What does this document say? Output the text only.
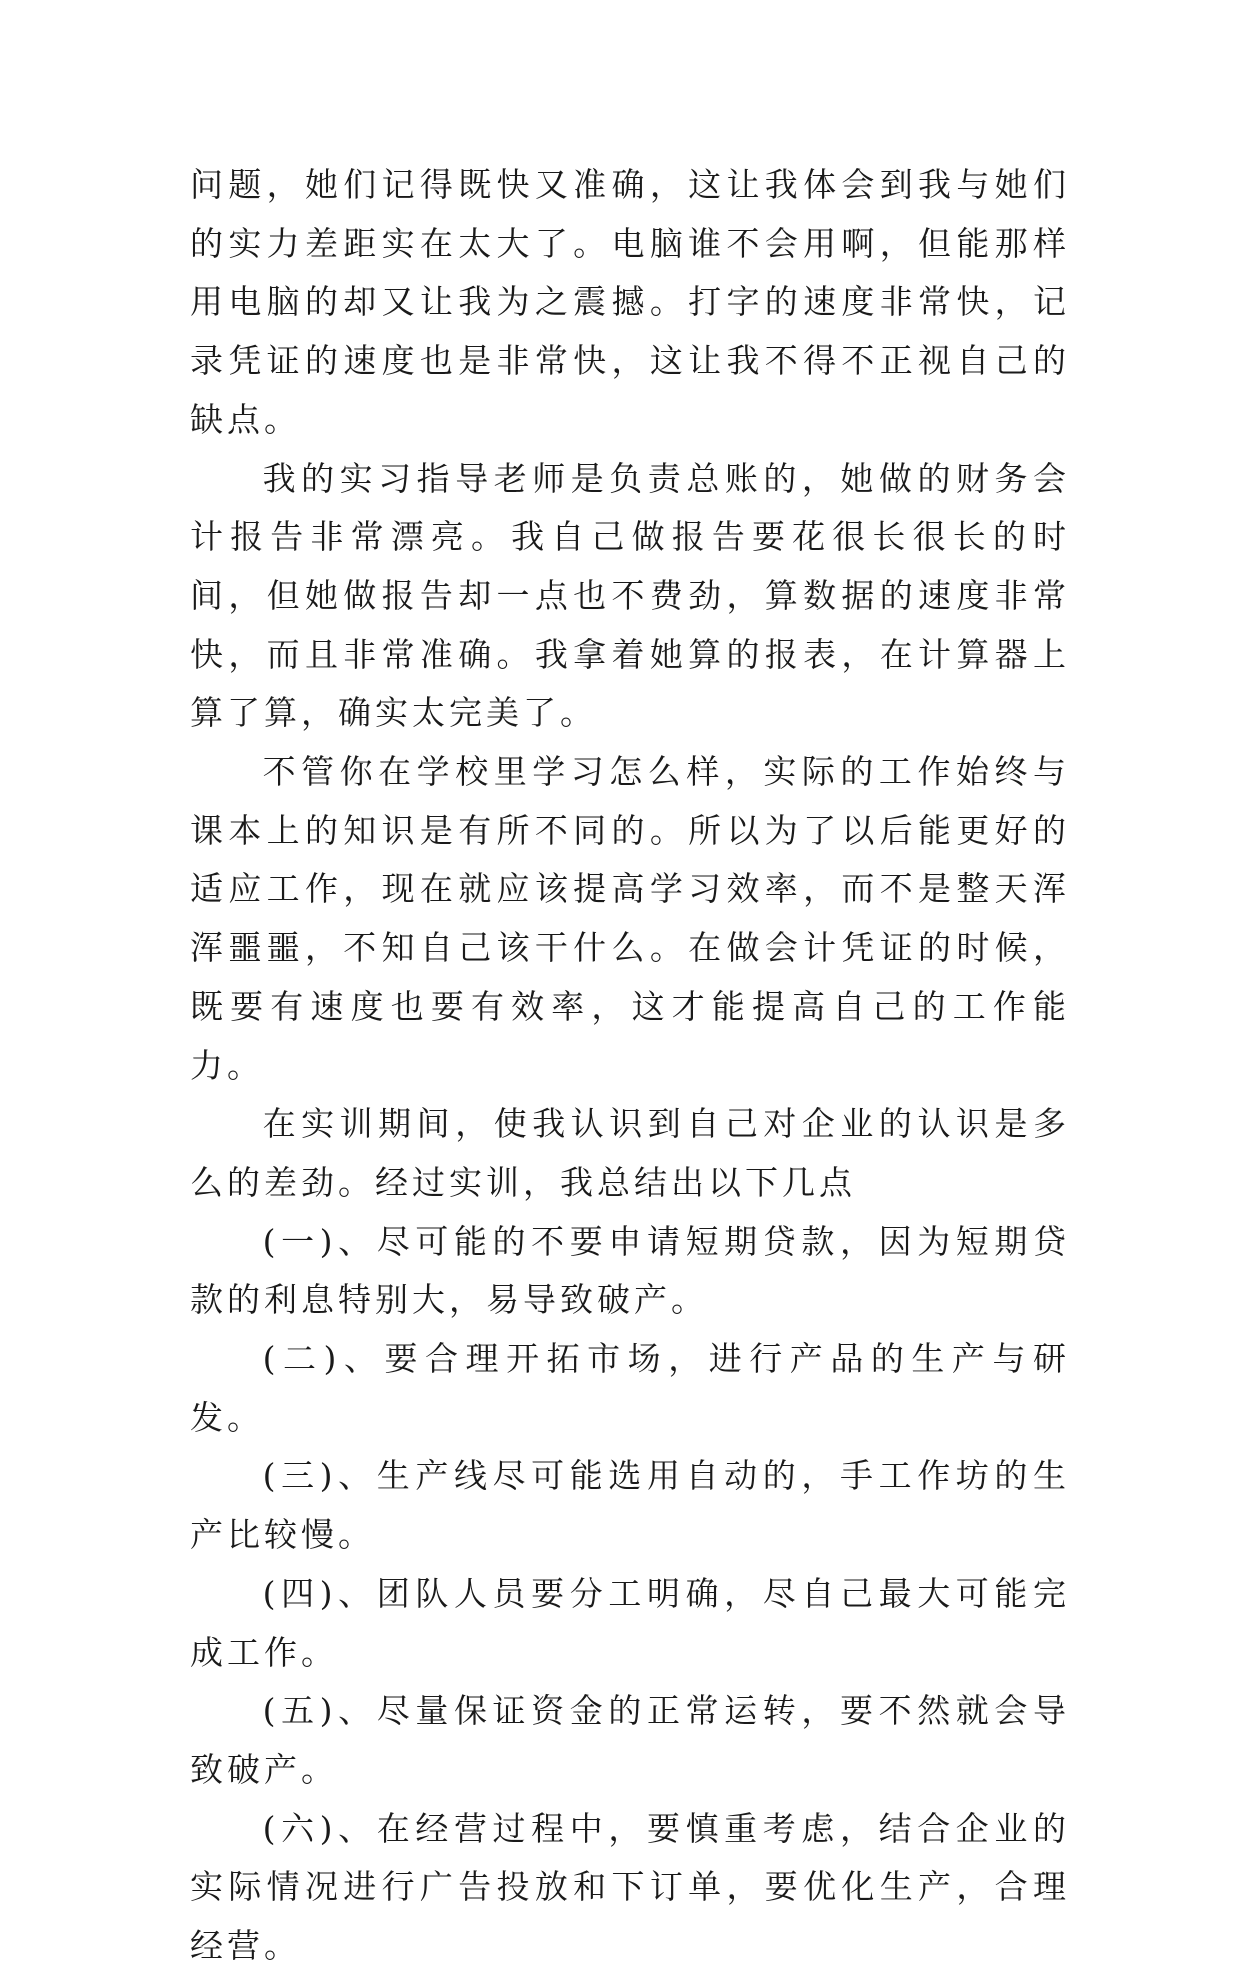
问题，她们记得既快又准确，这让我体会到我与她们的实力差距实在太大了。电脑谁不会用啊，但能那样用电脑的却又让我为之震撼。打字的速度非常快，记录凭证的速度也是非常快，这让我不得不正视自己的缺点。

我的实习指导老师是负责总账的，她做的财务会计报告非常漂亮。我自己做报告要花很长很长的时间，但她做报告却一点也不费劲，算数据的速度非常快，而且非常准确。我拿着她算的报表，在计算器上算了算，确实太完美了。

不管你在学校里学习怎么样，实际的工作始终与课本上的知识是有所不同的。所以为了以后能更好的适应工作，现在就应该提高学习效率，而不是整天浑浑噩噩，不知自己该干什么。在做会计凭证的时候，既要有速度也要有效率，这才能提高自己的工作能力。

在实训期间，使我认识到自己对企业的认识是多么的差劲。经过实训，我总结出以下几点

(一)、尽可能的不要申请短期贷款，因为短期贷款的利息特别大，易导致破产。

(二)、要合理开拓市场，进行产品的生产与研发。

(三)、生产线尽可能选用自动的，手工作坊的生产比较慢。

(四)、团队人员要分工明确，尽自己最大可能完成工作。

(五)、尽量保证资金的正常运转，要不然就会导致破产。

(六)、在经营过程中，要慎重考虑，结合企业的实际情况进行广告投放和下订单，要优化生产，合理经营。
